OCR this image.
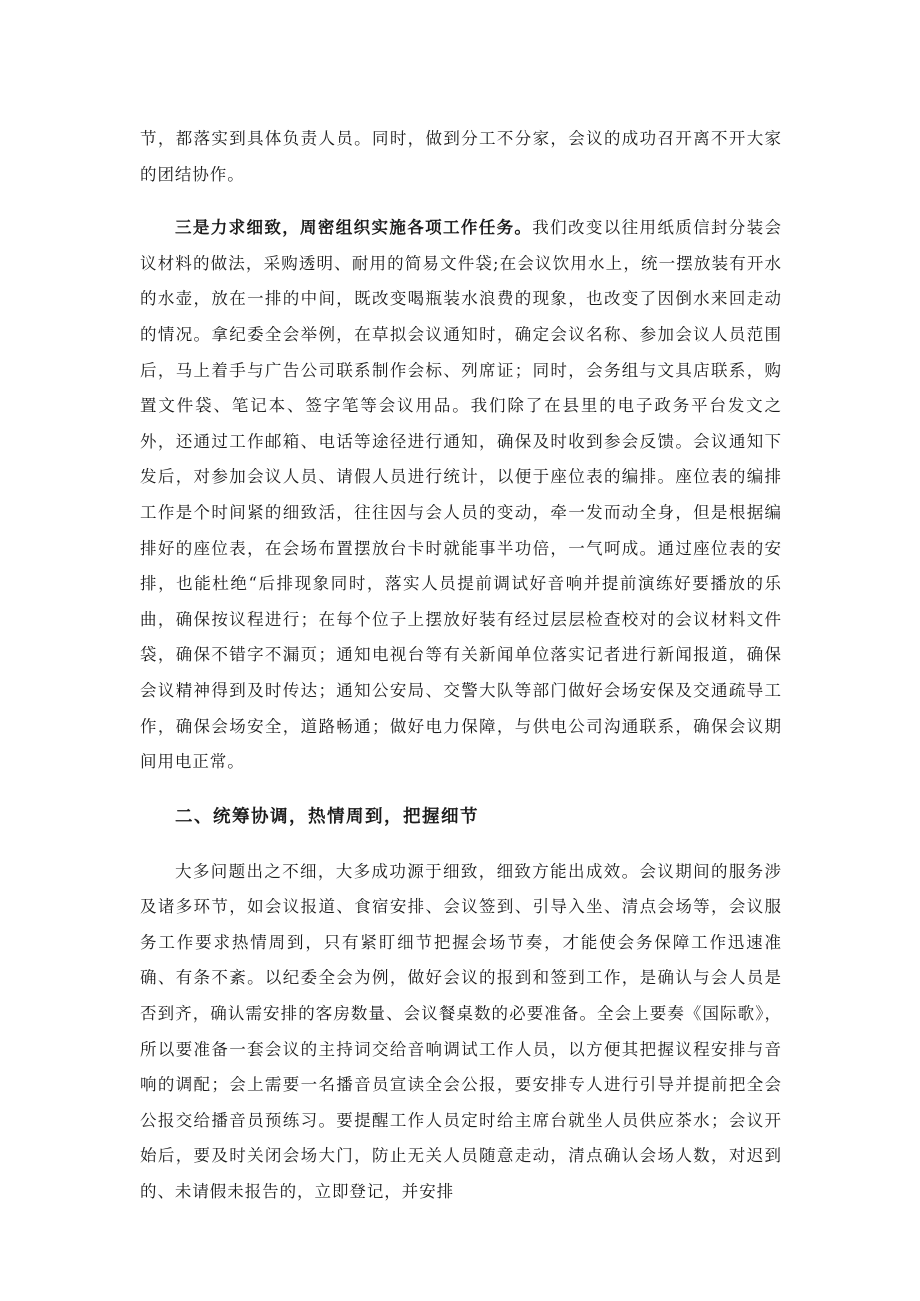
节，都落实到具体负责人员。同时，做到分工不分家，会议的成功召开离不开大家的团结协作。

三是力求细致，周密组织实施各项工作任务。我们改变以往用纸质信封分装会议材料的做法，采购透明、耐用的简易文件袋;在会议饮用水上，统一摆放装有开水的水壶，放在一排的中间，既改变喝瓶装水浪费的现象，也改变了因倒水来回走动的情况。拿纪委全会举例，在草拟会议通知时，确定会议名称、参加会议人员范围后，马上着手与广告公司联系制作会标、列席证；同时，会务组与文具店联系，购置文件袋、笔记本、签字笔等会议用品。我们除了在县里的电子政务平台发文之外，还通过工作邮箱、电话等途径进行通知，确保及时收到参会反馈。会议通知下发后，对参加会议人员、请假人员进行统计，以便于座位表的编排。座位表的编排工作是个时间紧的细致活，往往因与会人员的变动，牵一发而动全身，但是根据编排好的座位表，在会场布置摆放台卡时就能事半功倍，一气呵成。通过座位表的安排，也能杜绝“后排现象同时，落实人员提前调试好音响并提前演练好要播放的乐曲，确保按议程进行；在每个位子上摆放好装有经过层层检查校对的会议材料文件袋，确保不错字不漏页；通知电视台等有关新闻单位落实记者进行新闻报道，确保会议精神得到及时传达；通知公安局、交警大队等部门做好会场安保及交通疏导工作，确保会场安全，道路畅通；做好电力保障，与供电公司沟通联系，确保会议期间用电正常。

二、统筹协调，热情周到，把握细节

大多问题出之不细，大多成功源于细致，细致方能出成效。会议期间的服务涉及诸多环节，如会议报道、食宿安排、会议签到、引导入坐、清点会场等，会议服务工作要求热情周到，只有紧盯细节把握会场节奏，才能使会务保障工作迅速准确、有条不紊。以纪委全会为例，做好会议的报到和签到工作，是确认与会人员是否到齐，确认需安排的客房数量、会议餐桌数的必要准备。全会上要奏《国际歌》，所以要准备一套会议的主持词交给音响调试工作人员，以方便其把握议程安排与音响的调配；会上需要一名播音员宣读全会公报，要安排专人进行引导并提前把全会公报交给播音员预练习。要提醒工作人员定时给主席台就坐人员供应茶水；会议开始后，要及时关闭会场大门，防止无关人员随意走动，清点确认会场人数，对迟到的、未请假未报告的，立即登记，并安排
